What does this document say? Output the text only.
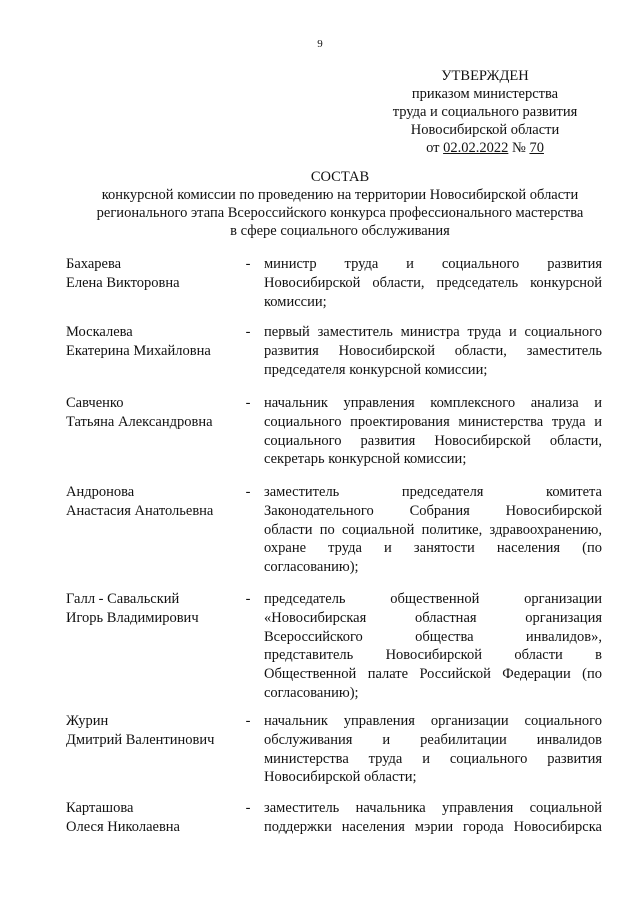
9
УТВЕРЖДЕН
приказом министерства
труда и социального развития
Новосибирской области
от 02.02.2022 № 70
СОСТАВ
конкурсной комиссии по проведению на территории Новосибирской области
регионального этапа Всероссийского конкурса профессионального мастерства
в сфере социального обслуживания
Бахарева
Елена Викторовна
- министр труда и социального развития
Новосибирской области, председатель конкурсной
комиссии;
Москалева
Екатерина Михайловна
- первый заместитель министра труда и социального
развития Новосибирской области, заместитель
председателя конкурсной комиссии;
Савченко
Татьяна Александровна
- начальник управления комплексного анализа и
социального проектирования министерства труда и
социального развития Новосибирской области,
секретарь конкурсной комиссии;
Андронова
Анастасия Анатольевна
- заместитель председателя комитета
Законодательного Собрания Новосибирской
области по социальной политике, здравоохранению,
охране труда и занятости населения (по
согласованию);
Галл - Савальский
Игорь Владимирович
- председатель общественной организации
«Новосибирская областная организация
Всероссийского общества инвалидов»,
представитель Новосибирской области в
Общественной палате Российской Федерации (по
согласованию);
Журин
Дмитрий Валентинович
- начальник управления организации социального
обслуживания и реабилитации инвалидов
министерства труда и социального развития
Новосибирской области;
Карташова
Олеся Николаевна
- заместитель начальника управления социальной
поддержки населения мэрии города Новосибирска
